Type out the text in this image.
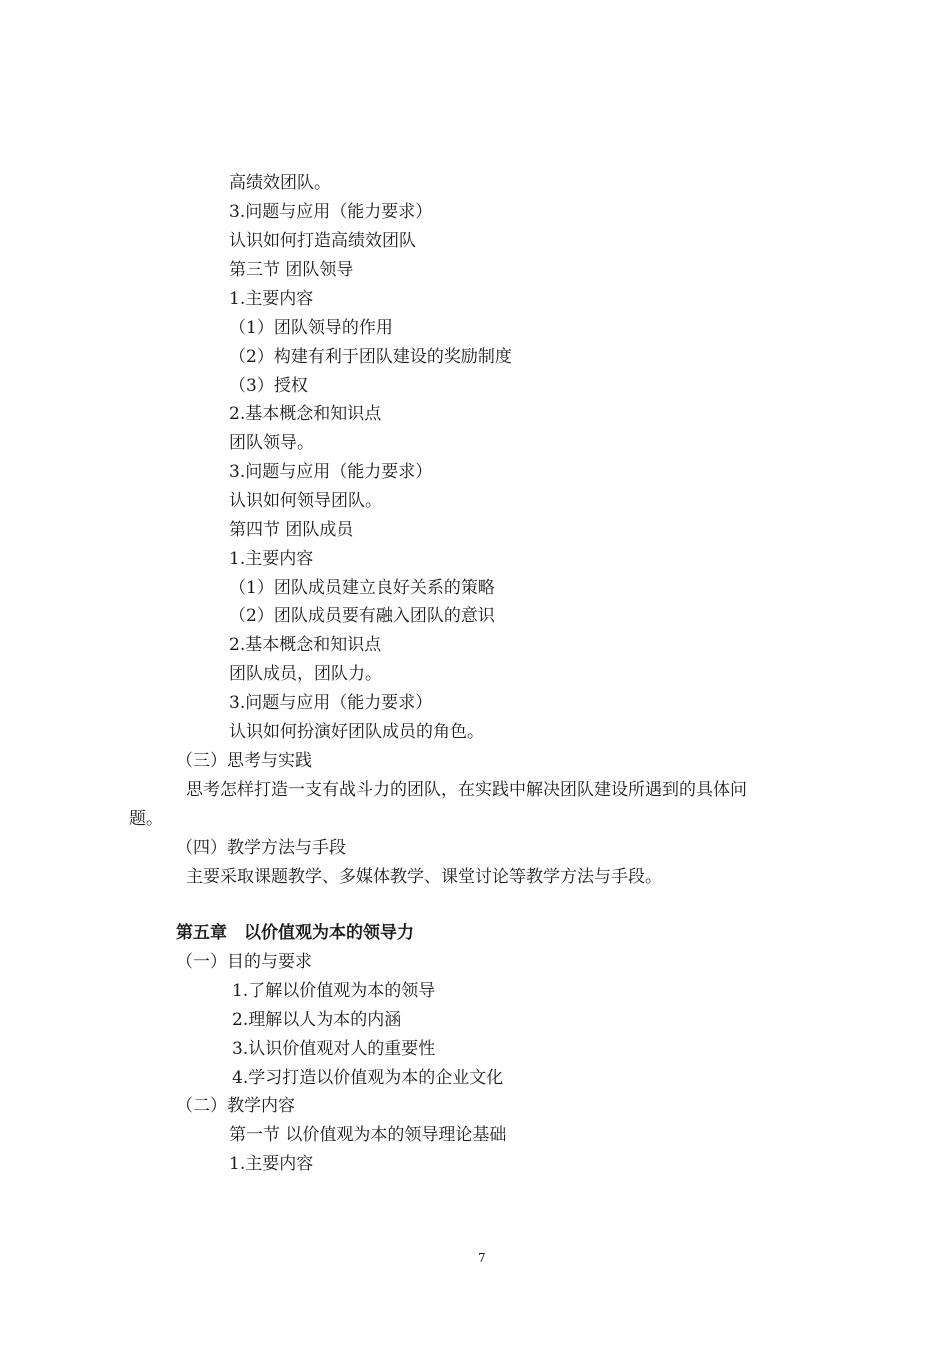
高绩效团队。
3.问题与应用（能力要求）
认识如何打造高绩效团队
第三节 团队领导
1.主要内容
（1）团队领导的作用
（2）构建有利于团队建设的奖励制度
（3）授权
2.基本概念和知识点
团队领导。
3.问题与应用（能力要求）
认识如何领导团队。
第四节 团队成员
1.主要内容
（1）团队成员建立良好关系的策略
（2）团队成员要有融入团队的意识
2.基本概念和知识点
团队成员，团队力。
3.问题与应用（能力要求）
认识如何扮演好团队成员的角色。
（三）思考与实践
思考怎样打造一支有战斗力的团队，在实践中解决团队建设所遇到的具体问
题。
（四）教学方法与手段
主要采取课题教学、多媒体教学、课堂讨论等教学方法与手段。
第五章　以价值观为本的领导力
（一）目的与要求
1.了解以价值观为本的领导
2.理解以人为本的内涵
3.认识价值观对人的重要性
4.学习打造以价值观为本的企业文化
（二）教学内容
第一节 以价值观为本的领导理论基础
1.主要内容
7
